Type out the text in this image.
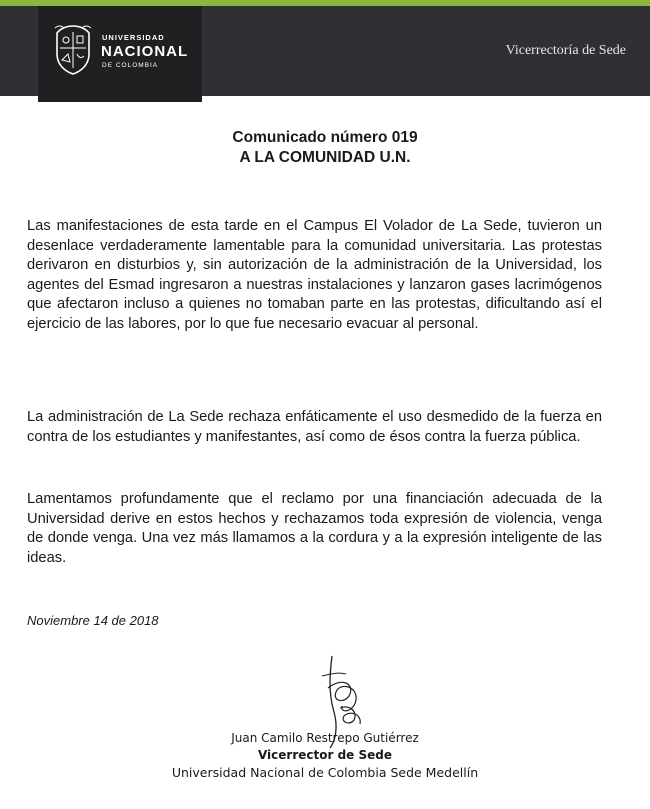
UNIVERSIDAD
NACIONAL
DE COLOMBIA
Vicerrectoría de Sede
Comunicado número 019
A LA COMUNIDAD U.N.

Las manifestaciones de esta tarde en el Campus El Volador de La Sede, tuvieron un desenlace verdaderamente lamentable para la comunidad universitaria. Las protestas derivaron en disturbios y, sin autorización de la administración de la Universidad, los agentes del Esmad ingresaron a nuestras instalaciones y lanzaron gases lacrimógenos que afectaron incluso a quienes no tomaban parte en las protestas, dificultando así el ejercicio de las labores, por lo que fue necesario evacuar al personal.

La administración de La Sede rechaza enfáticamente el uso desmedido de la fuerza en contra de los estudiantes y manifestantes, así como de ésos contra la fuerza pública.

Lamentamos profundamente que el reclamo por una financiación adecuada de la Universidad derive en estos hechos y rechazamos toda expresión de violencia, venga de donde venga. Una vez más llamamos a la cordura y a la expresión inteligente de las ideas.

Noviembre 14 de 2018
Juan Camilo Restrepo Gutiérrez
Vicerrector de Sede
Universidad Nacional de Colombia Sede Medellín
